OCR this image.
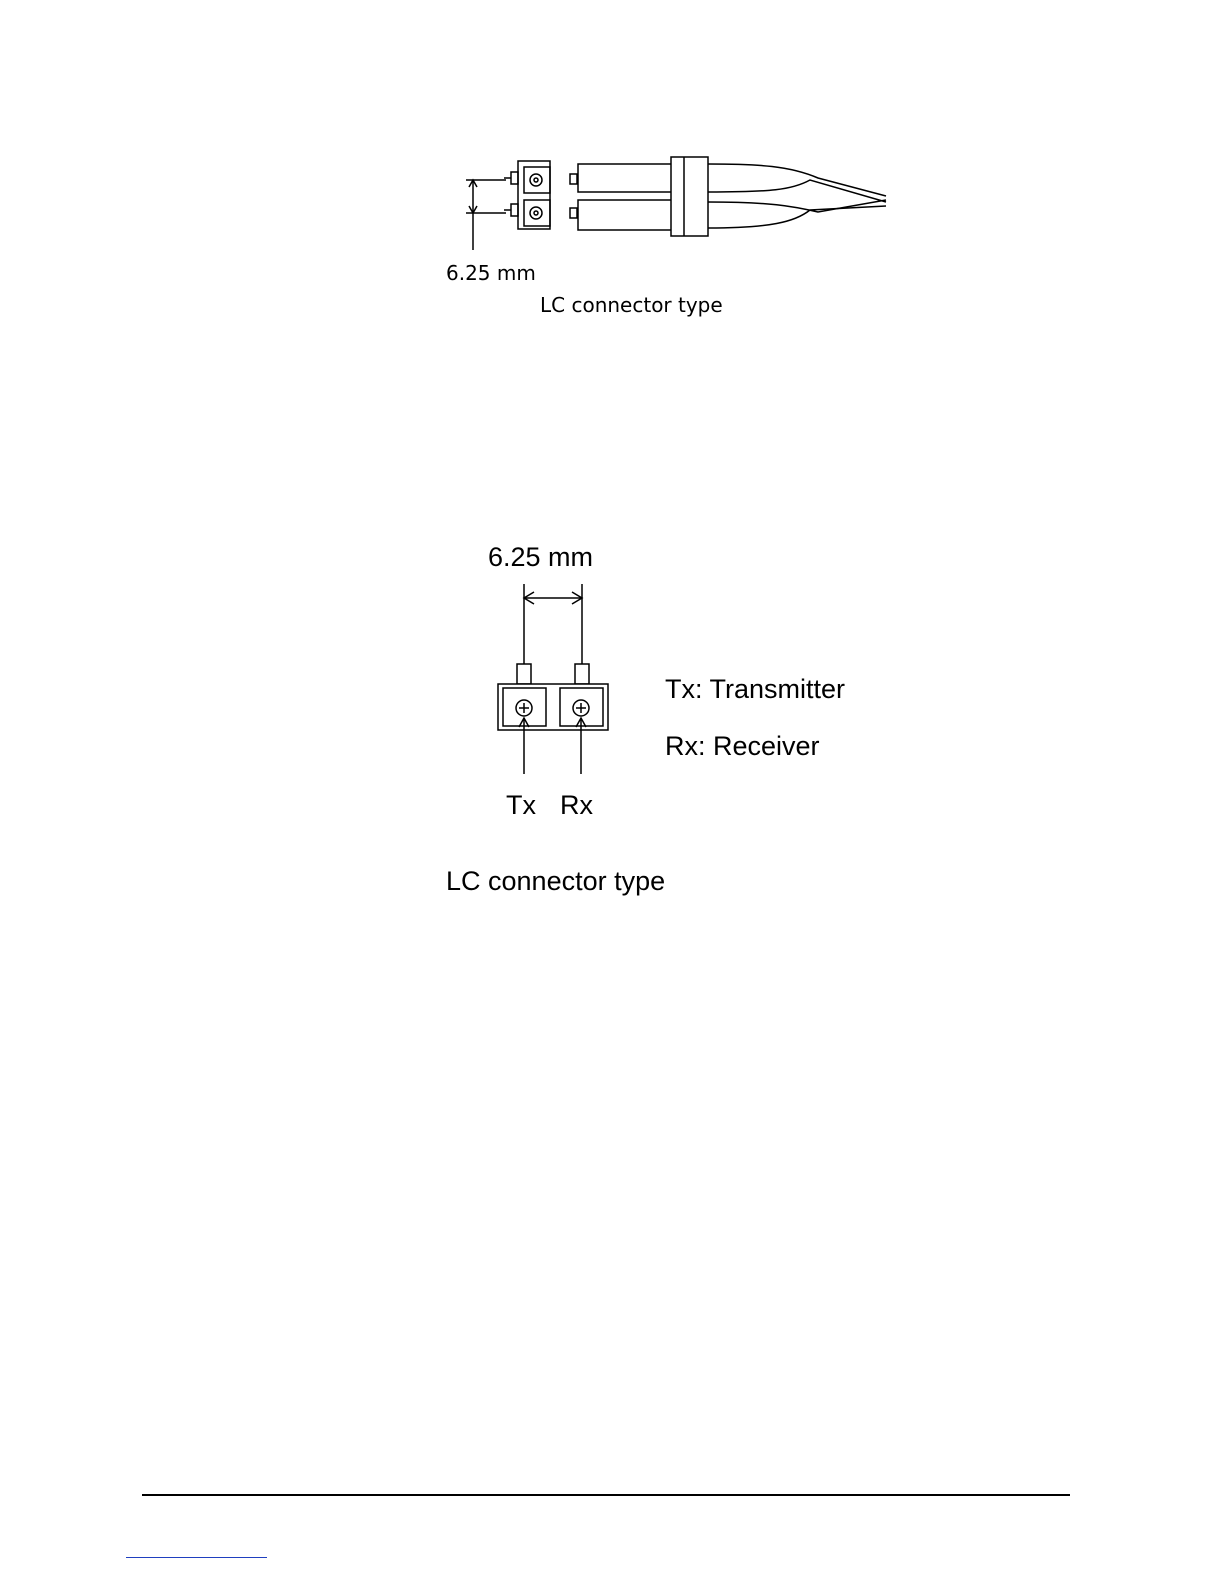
6.25 mm
LC connector type
6.25 mm
Tx Rx
Tx: Transmitter
Rx: Receiver
LC connector type
